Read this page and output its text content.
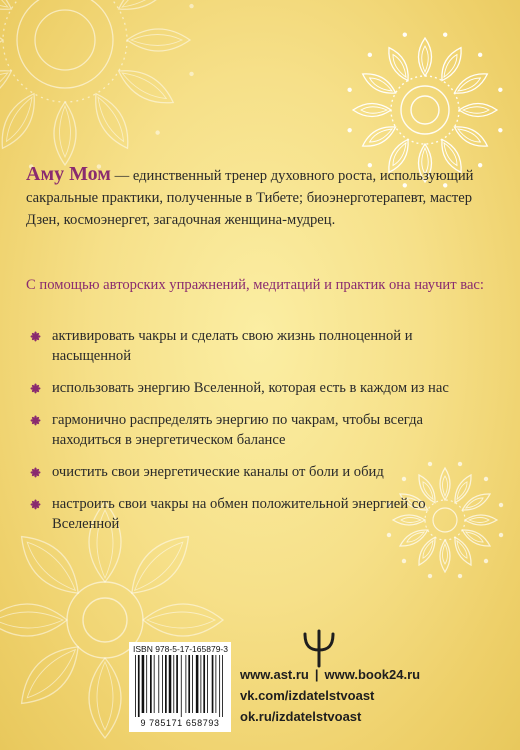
Аму Мом — единственный тренер духовного роста, использующий сакральные практики, полученные в Тибете; биоэнерготерапевт, мастер Дзен, космоэнергет, загадочная женщина-мудрец.
С помощью авторских упражнений, медитаций и практик она научит вас:
активировать чакры и сделать свою жизнь полноценной и насыщенной
использовать энергию Вселенной, которая есть в каждом из нас
гармонично распределять энергию по чакрам, чтобы всегда находиться в энергетическом балансе
очистить свои энергетические каналы от боли и обид
настроить свои чакры на обмен положительной энергией со Вселенной
ISBN 978-5-17-165879-3
9 785171 658793
www.ast.ru | www.book24.ru
vk.com/izdatelstvoast
ok.ru/izdatelstvoast
